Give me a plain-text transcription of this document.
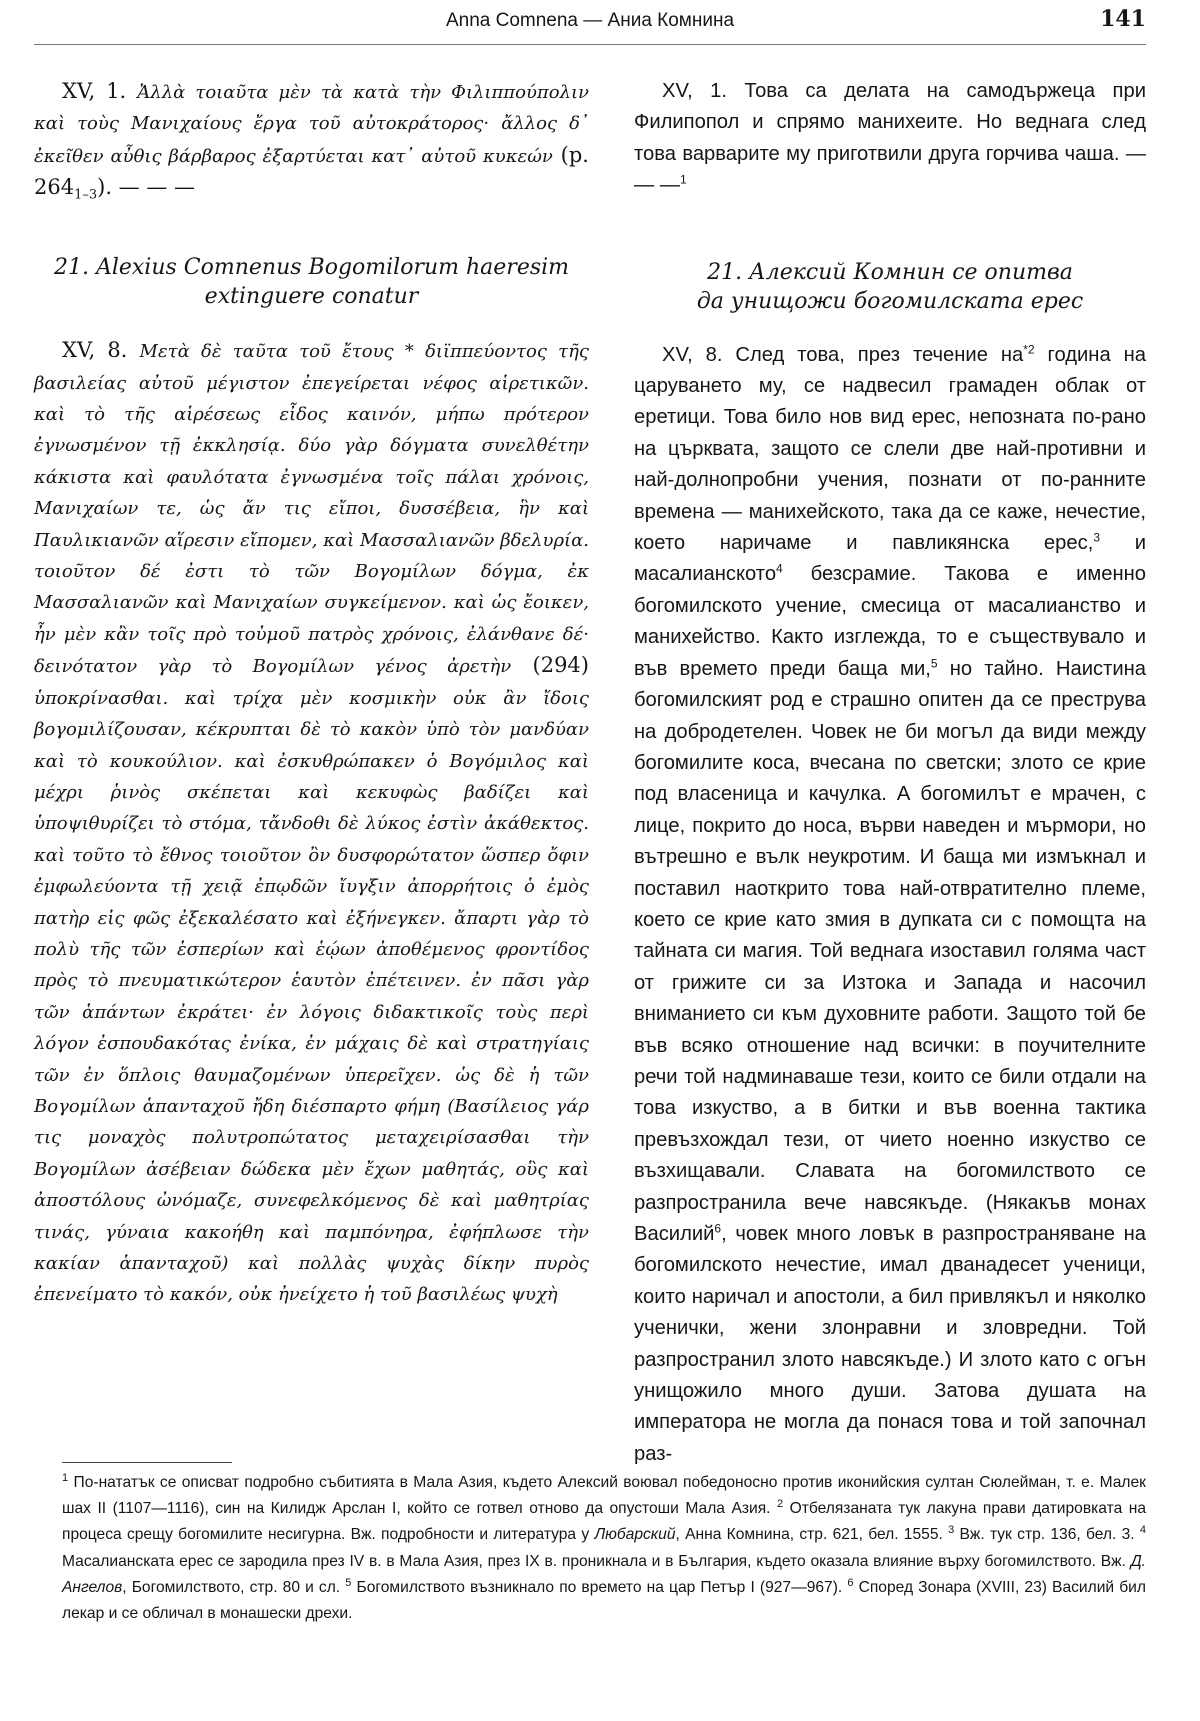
Anna Comnena — Аниа Комнина	141

XV, 1. Ἀλλὰ τοιαῦτα μὲν τὰ κατὰ τὴν Φιλιππούπολιν καὶ τοὺς Μανιχαίους ἔργα τοῦ αὐτοκράτορος· ἄλλος δ᾽ ἐκεῖθεν αὖθις βάρβαρος ἐξαρτύεται κατ᾽ αὐτοῦ κυκεών (p. $264_{1-3}$). — — —

21. Alexius Comnenus Bogomilorum haeresim

extinguere conatur

XV, 8. Μετὰ δὲ ταῦτα τοῦ ἔτους * διϊππεύοντος τῆς βασιλείας αὐτοῦ μέγιστον ἐπεγείρεται νέφος αἱρετικῶν. καὶ τὸ τῆς αἱρέσεως εἶδος καινόν, μήπω πρότερον ἐγνωσμένον τῇ ἐκκλησίᾳ. δύο γὰρ δόγματα συνελθέτην κάκιστα καὶ φαυλότατα ἐγνωσμένα τοῖς πάλαι χρόνοις, Μανιχαίων τε, ὡς ἄν τις εἴποι, δυσσέβεια, ἣν καὶ Παυλικιανῶν αἵρεσιν εἴπομεν, καὶ Μασσαλιανῶν βδελυρία. τοιοῦτον δέ ἐστι τὸ τῶν Βογομίλων δόγμα, ἐκ Μασσαλιανῶν καὶ Μανιχαίων συγκείμενον. καὶ ὡς ἔοικεν, ἦν μὲν κἂν τοῖς πρὸ τοὐμοῦ πατρὸς χρόνοις, ἐλάνθανε δέ· δεινότατον γὰρ τὸ Βογομίλων γένος ἀρετὴν (294) ὑποκρίνασθαι. καὶ τρίχα μὲν κοσμικὴν οὐκ ἂν ἴδοις βογομιλίζουσαν, κέκρυπται δὲ τὸ κακὸν ὑπὸ τὸν μανδύαν καὶ τὸ κουκούλιον. καὶ ἐσκυθρώπακεν ὁ Βογόμιλος καὶ μέχρι ῥινὸς σκέπεται καὶ κεκυφὼς βαδίζει καὶ ὑποψιθυρίζει τὸ στόμα, τἄνδοθι δὲ λύκος ἐστὶν ἀκάθεκτος. καὶ τοῦτο τὸ ἔθνος τοιοῦτον ὂν δυσφορώτατον ὥσπερ ὄφιν ἐμφωλεύοντα τῇ χειᾷ ἐπῳδῶν ἴυγξιν ἀπορρήτοις ὁ ἐμὸς πατὴρ εἰς φῶς ἐξεκαλέσατο καὶ ἐξήνεγκεν. ἄπαρτι γὰρ τὸ πολὺ τῆς τῶν ἑσπερίων καὶ ἑῴων ἀποθέμενος φροντίδος πρὸς τὸ πνευματικώτερον ἑαυτὸν ἐπέτεινεν. ἐν πᾶσι γὰρ τῶν ἁπάντων ἐκράτει· ἐν λόγοις διδακτικοῖς τοὺς περὶ λόγον ἐσπουδακότας ἐνίκα, ἐν μάχαις δὲ καὶ στρατηγίαις τῶν ἐν ὅπλοις θαυμαζομένων ὑπερεῖχεν. ὡς δὲ ἡ τῶν Βογομίλων ἁπανταχοῦ ἤδη διέσπαρτο φήμη (Βασίλειος γάρ τις μοναχὸς πολυτροπώτατος μεταχειρίσασθαι τὴν Βογομίλων ἀσέβειαν δώδεκα μὲν ἔχων μαθητάς, οὓς καὶ ἀποστόλους ὠνόμαζε, συνεφελκόμενος δὲ καὶ μαθητρίας τινάς, γύναια κακοήθη καὶ παμπόνηρα, ἐφήπλωσε τὴν κακίαν ἁπανταχοῦ) καὶ πολλὰς ψυχὰς δίκην πυρὸς ἐπενείματο τὸ κακόν, οὐκ ἠνείχετο ἡ τοῦ βασιλέως ψυχὴ

XV, 1. Това са делата на самодържеца при Филипопол и спрямо манихеите. Но веднага след това варварите му приготвили друга горчива чаша. — — —$^1$

21. Алексий Комнин се опитва

да унищожи богомилската ерес

XV, 8. След това, през течение $на^{*2}$ година на царуването му, се надвесил грамаден облак от еретици. Това било нов вид ерес, непозната по-рано на църквата, защото се слели две най-противни и най-долнопробни учения, познати от по-ранните времена — манихейското, така да се каже, нечестие, което наричаме и павликянска ерес,$^3$ и масалианското$^4$ безсрамие. Такова е именно богомилското учение, смесица от масалианство и манихейство. Както изглежда, то е съществувало и във времето преди баща ми,$^5$ но тайно. Наистина богомилският род е страшно опитен да се преструва на добродетелен. Човек не би могъл да види между богомилите коса, вчесана по светски; злото се крие под власеница и качулка. А богомилът е мрачен, с лице, покрито до носа, върви наведен и мърмори, но вътрешно е вълк неукротим. И баща ми измъкнал и поставил наоткрито това най-отвратително племе, което се крие като змия в дупката си с помощта на тайната си магия. Той веднага изоставил голяма част от грижите си за Изтока и Запада и насочил вниманието си към духовните работи. Защото той бе във всяко отношение над всички: в поучителните речи той надминаваше тези, които се били отдали на това изкуство, а в битки и във военна тактика превъзхождал тези, от чието ноенно изкуство се възхищавали. Славата на богомилството се разпространила вече навсякъде. (Някакъв монах Василий$^6$, човек много ловък в разпространяване на богомилското нечестие, имал дванадесет ученици, които наричал и апостоли, а бил привлякъл и няколко ученички, жени злонравни и зловредни. Той разпространил злото навсякъде.) И злото като с огън унищожило много души. Затова душата на императора не могла да понася това и той започнал раз-

$^1$ По-нататък се описват подробно събитията в Мала Азия, където Алексий воювал победоносно против иконийския султан Сюлейман, т. е. Малек шах II (1107—1116), син на Килидж Арслан I, който се готвел отново да опустоши Мала Азия. $^2$ Отбелязаната тук лакуна прави датировката на процеса срещу богомилите несигурна. Вж. подробности и литература у Любарский, Анна Комнина, стр. 621, бел. 1555. $^3$ Вж. тук стр. 136, бел. 3. $^4$ Масалианската ерес се зародила през IV в. в Мала Азия, през IX в. проникнала и в България, където оказала влияние върху богомилството. Вж. Д. Ангелов, Богомилството, стр. 80 и сл. $^5$ Богомилството възникнало по времето на цар Петър I (927—967). $^6$ Според Зонара (XVIII, 23) Василий бил лекар и се обличал в монашески дрехи.
